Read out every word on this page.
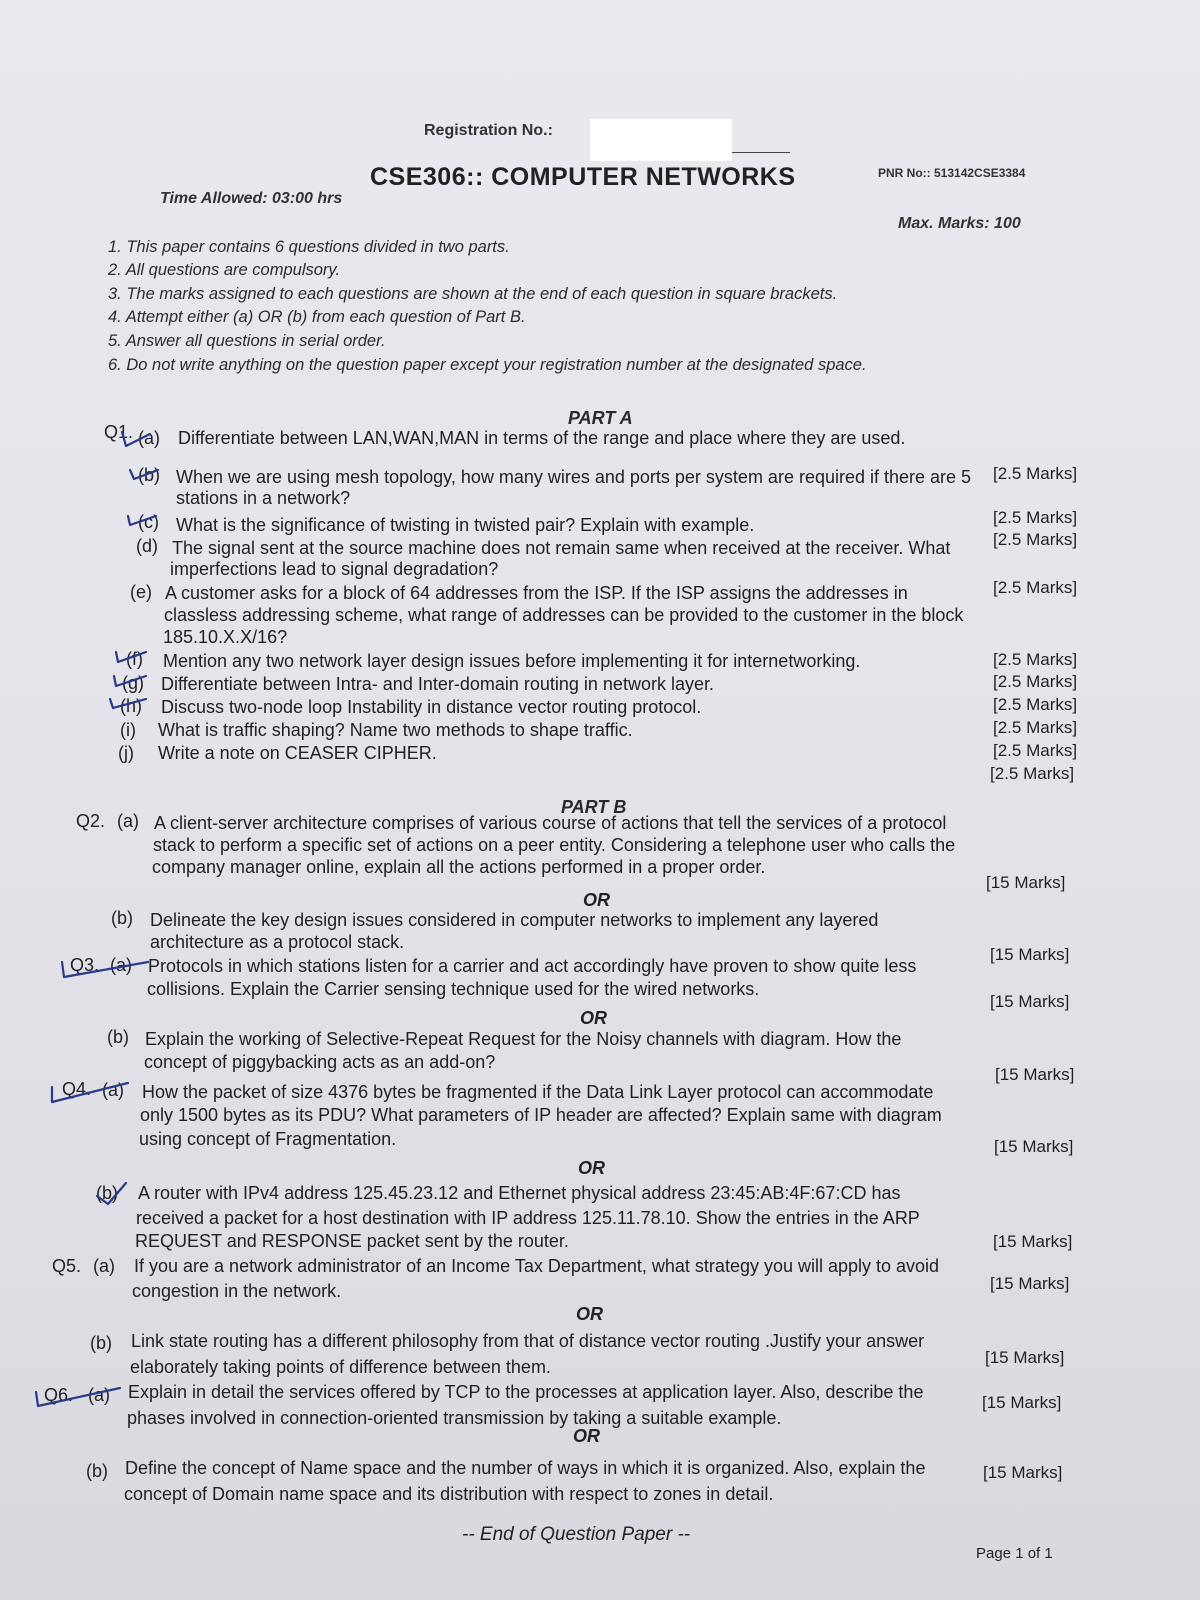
Registration No.:
CSE306:: COMPUTER NETWORKS	PNR No:: 513142CSE3384
Time Allowed: 03:00 hrs
Max. Marks: 100
1. This paper contains 6 questions divided in two parts.
2. All questions are compulsory.
3. The marks assigned to each questions are shown at the end of each question in square brackets.
4. Attempt either (a) OR (b) from each question of Part B.
5. Answer all questions in serial order.
6. Do not write anything on the question paper except your registration number at the designated space.
PART A
Q1. (a) Differentiate between LAN,WAN,MAN in terms of the range and place where they are used.
[2.5 Marks]
(b) When we are using mesh topology, how many wires and ports per system are required if there are 5
stations in a network?
[2.5 Marks]
(c) What is the significance of twisting in twisted pair? Explain with example.
[2.5 Marks]
(d) The signal sent at the source machine does not remain same when received at the receiver. What
imperfections lead to signal degradation?
[2.5 Marks]
(e) A customer asks for a block of 64 addresses from the ISP. If the ISP assigns the addresses in
classless addressing scheme, what range of addresses can be provided to the customer in the block
185.10.X.X/16?
[2.5 Marks]
(f) Mention any two network layer design issues before implementing it for internetworking.
[2.5 Marks]
(g) Differentiate between Intra- and Inter-domain routing in network layer.
[2.5 Marks]
(h) Discuss two-node loop Instability in distance vector routing protocol.
[2.5 Marks]
(i) What is traffic shaping? Name two methods to shape traffic.
[2.5 Marks]
(j) Write a note on CEASER CIPHER.
[2.5 Marks]
PART B
Q2. (a) A client-server architecture comprises of various course of actions that tell the services of a protocol
stack to perform a specific set of actions on a peer entity. Considering a telephone user who calls the
company manager online, explain all the actions performed in a proper order.
[15 Marks]
OR
(b) Delineate the key design issues considered in computer networks to implement any layered
architecture as a protocol stack.
[15 Marks]
Q3. (a) Protocols in which stations listen for a carrier and act accordingly have proven to show quite less
collisions. Explain the Carrier sensing technique used for the wired networks.
[15 Marks]
OR
(b) Explain the working of Selective-Repeat Request for the Noisy channels with diagram. How the
concept of piggybacking acts as an add-on?
[15 Marks]
Q4. (a) How the packet of size 4376 bytes be fragmented if the Data Link Layer protocol can accommodate
only 1500 bytes as its PDU? What parameters of IP header are affected? Explain same with diagram
using concept of Fragmentation.	[15 Marks]
OR
(b) A router with IPv4 address 125.45.23.12 and Ethernet physical address 23:45:AB:4F:67:CD has
received a packet for a host destination with IP address 125.11.78.10. Show the entries in the ARP
REQUEST and RESPONSE packet sent by the router.	[15 Marks]
Q5. (a) If you are a network administrator of an Income Tax Department, what strategy you will apply to avoid
congestion in the network.	[15 Marks]
OR
(b) Link state routing has a different philosophy from that of distance vector routing .Justify your answer
elaborately taking points of difference between them.	[15 Marks]
Q6. (a) Explain in detail the services offered by TCP to the processes at application layer. Also, describe the
phases involved in connection-oriented transmission by taking a suitable example.
[15 Marks]
OR
(b) Define the concept of Name space and the number of ways in which it is organized. Also, explain the
concept of Domain name space and its distribution with respect to zones in detail.
[15 Marks]
-- End of Question Paper --
Page 1 of 1
